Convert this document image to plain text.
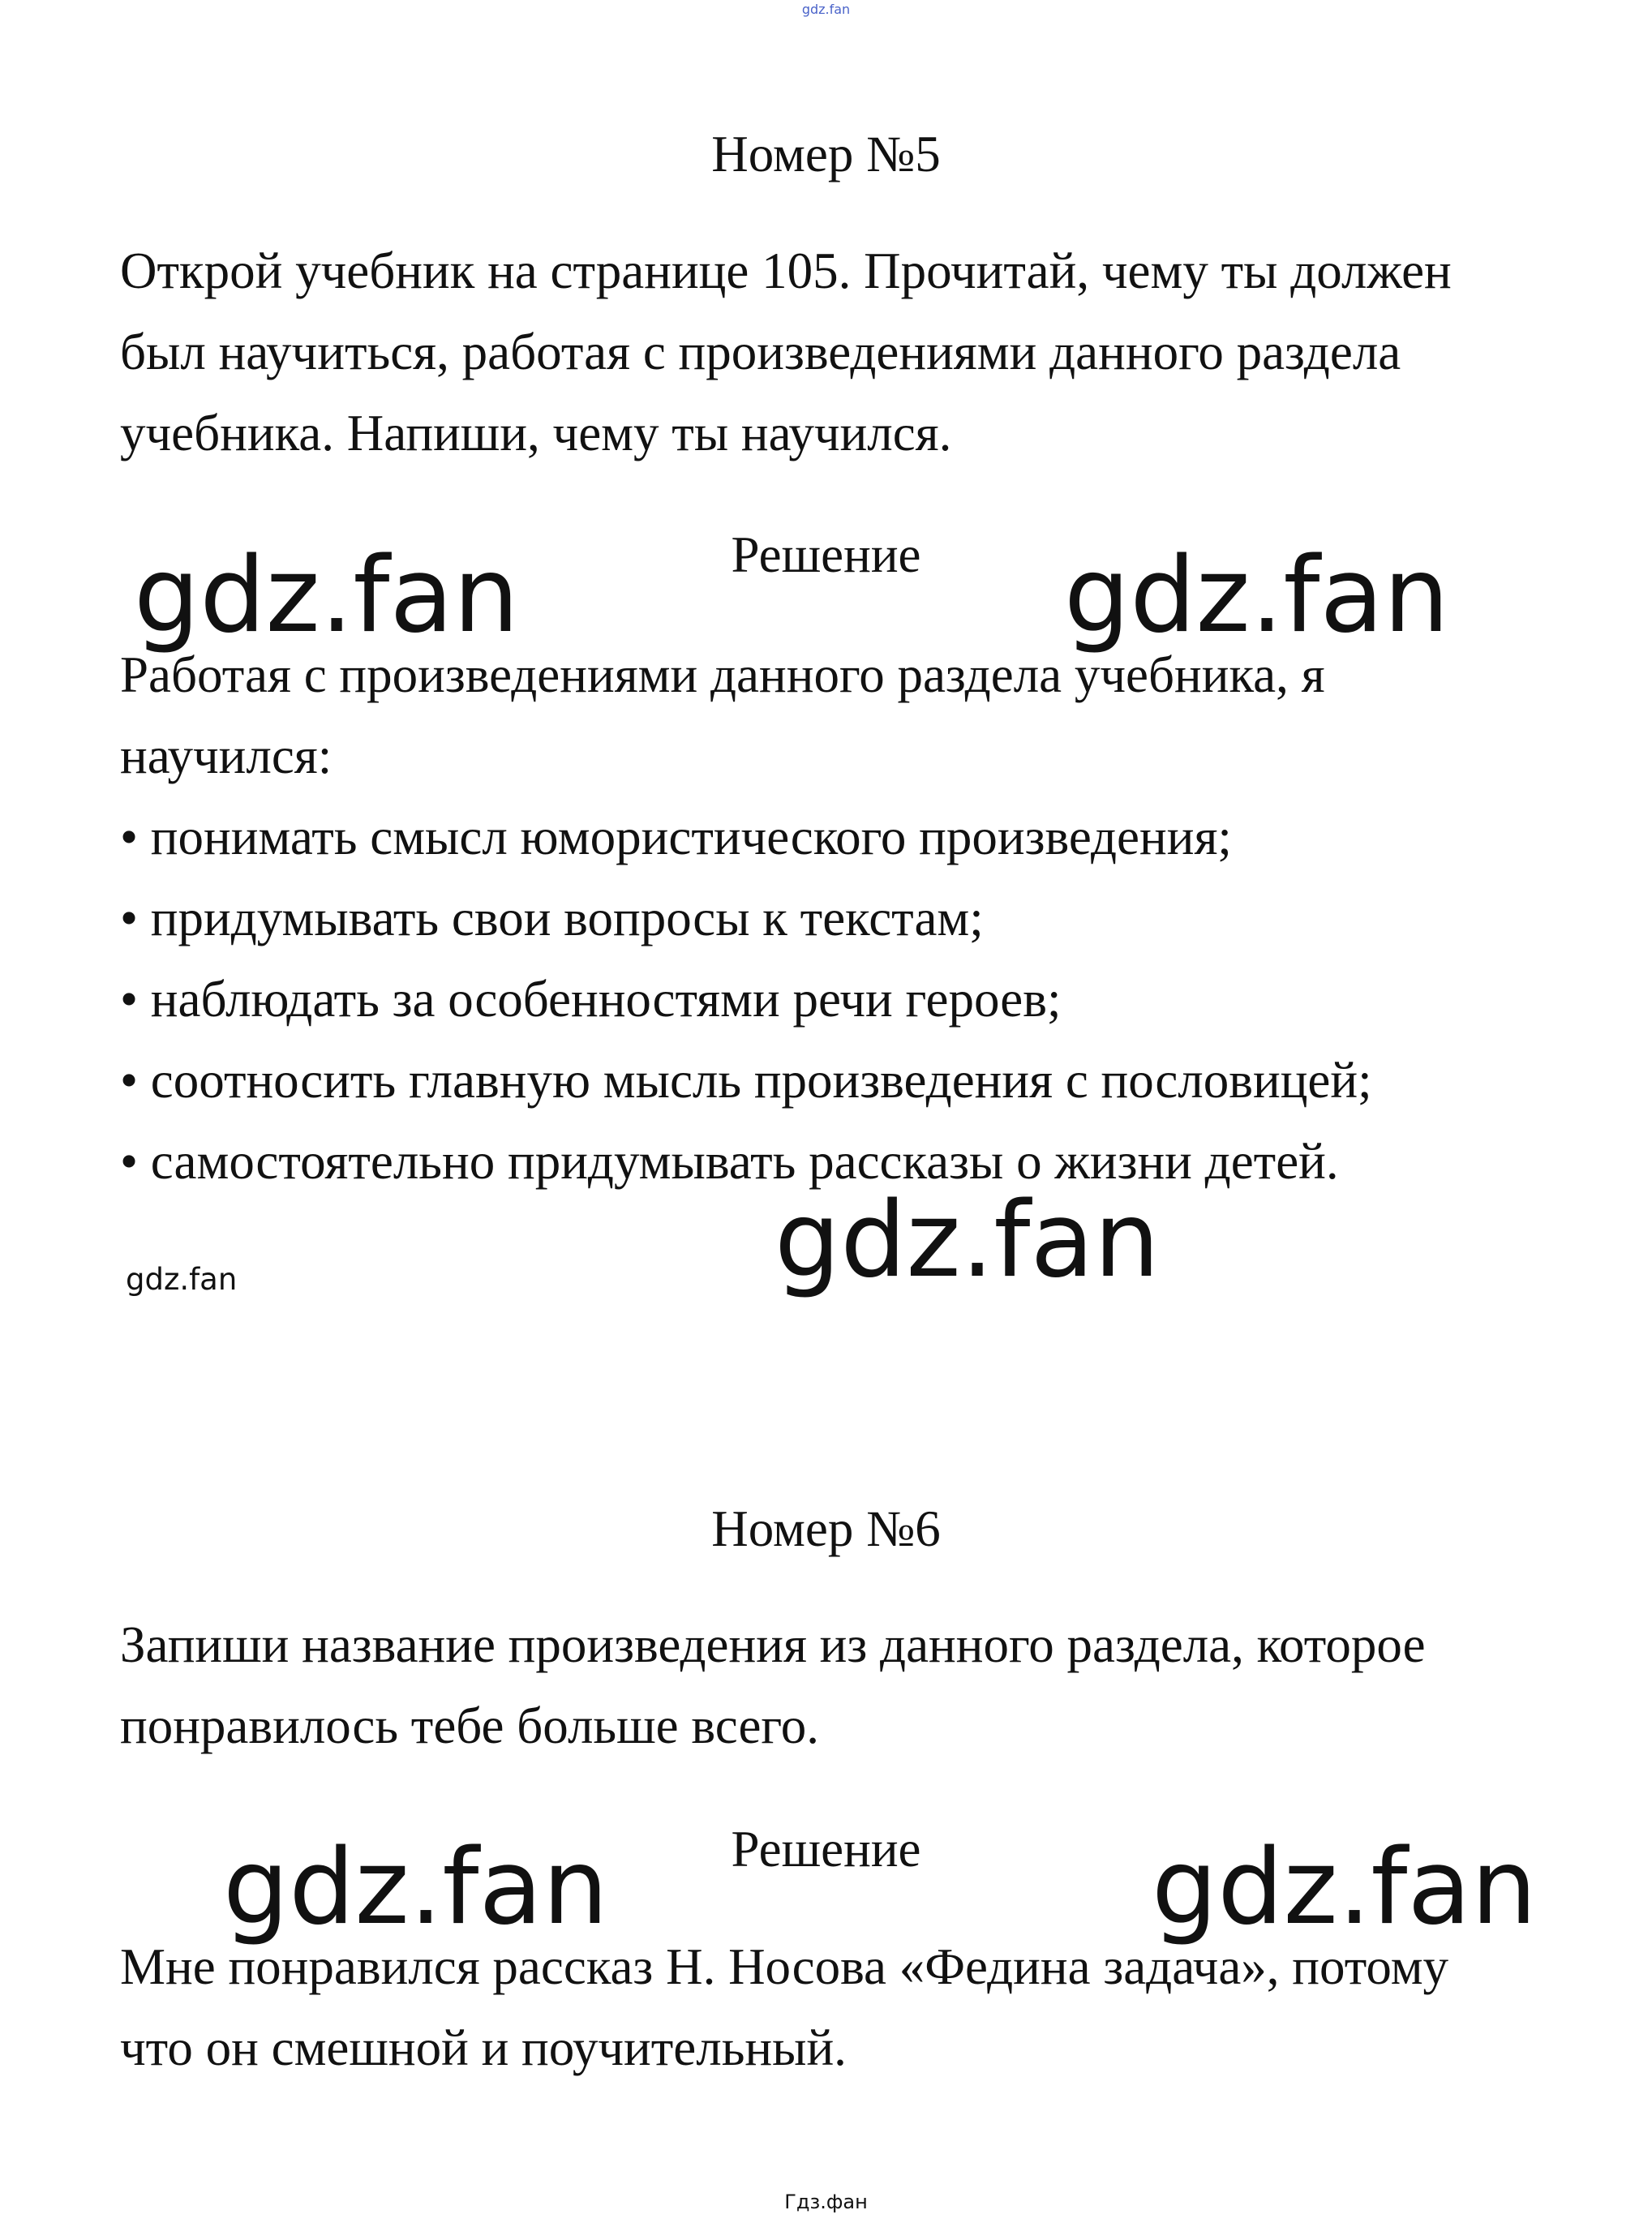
gdz.fan
Номер №5
Открой учебник на странице 105. Прочитай, чему ты должен
был научиться, работая с произведениями данного раздела
учебника. Напиши, чему ты научился.
gdz.fan	gdz.fan
Решение
Работая с произведениями данного раздела учебника, я
научился:
• понимать смысл юмористического произведения;
• придумывать свои вопросы к текстам;
• наблюдать за особенностями речи героев;
• соотносить главную мысль произведения с пословицей;
• самостоятельно придумывать рассказы о жизни детей.
gdz.fan
gdz.fan
Номер №6
Запиши название произведения из данного раздела, которое
понравилось тебе больше всего.
gdz.fan	gdz.fan
Решение
Мне понравился рассказ Н. Носова «Федина задача», потому
что он смешной и поучительный.
Гдз.фан
